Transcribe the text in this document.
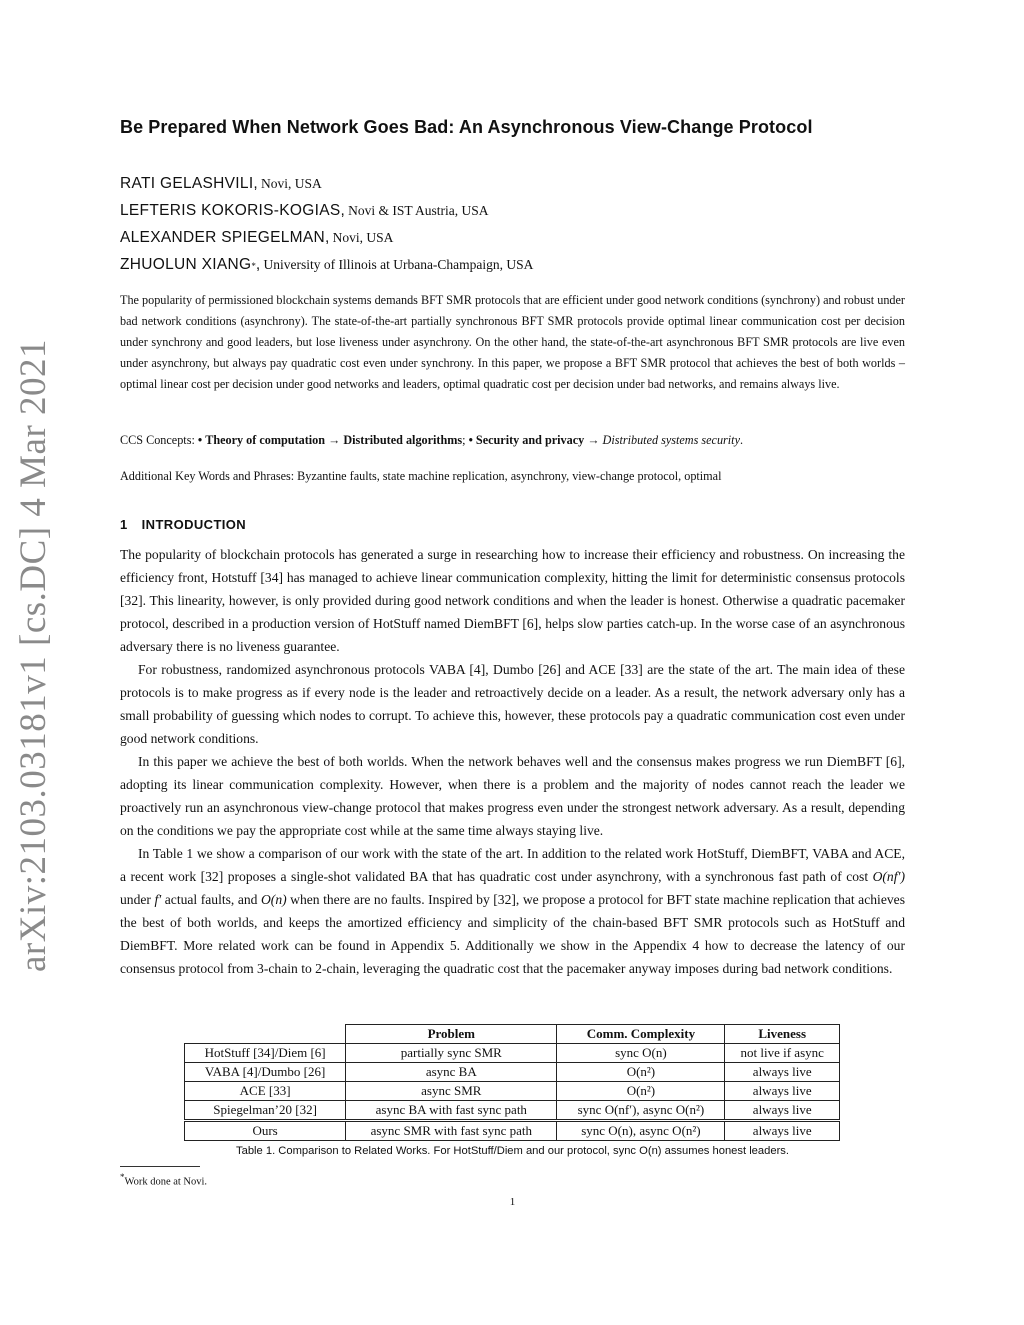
arXiv:2103.03181v1 [cs.DC] 4 Mar 2021
Be Prepared When Network Goes Bad: An Asynchronous View-Change Protocol
RATI GELASHVILI, Novi, USA
LEFTERIS KOKORIS-KOGIAS, Novi & IST Austria, USA
ALEXANDER SPIEGELMAN, Novi, USA
ZHUOLUN XIANG * , University of Illinois at Urbana-Champaign, USA
The popularity of permissioned blockchain systems demands BFT SMR protocols that are efficient under good network conditions (synchrony) and robust under bad network conditions (asynchrony). The state-of-the-art partially synchronous BFT SMR protocols provide optimal linear communication cost per decision under synchrony and good leaders, but lose liveness under asynchrony. On the other hand, the state-of-the-art asynchronous BFT SMR protocols are live even under asynchrony, but always pay quadratic cost even under synchrony. In this paper, we propose a BFT SMR protocol that achieves the best of both worlds – optimal linear cost per decision under good networks and leaders, optimal quadratic cost per decision under bad networks, and remains always live.
CCS Concepts: • Theory of computation → Distributed algorithms; • Security and privacy → Distributed systems security.
Additional Key Words and Phrases: Byzantine faults, state machine replication, asynchrony, view-change protocol, optimal
1 INTRODUCTION

The popularity of blockchain protocols has generated a surge in researching how to increase their efficiency and robustness. On increasing the efficiency front, Hotstuff [34] has managed to achieve linear communication complexity, hitting the limit for deterministic consensus protocols [32]. This linearity, however, is only provided during good network conditions and when the leader is honest. Otherwise a quadratic pacemaker protocol, described in a production version of HotStuff named DiemBFT [6], helps slow parties catch-up. In the worse case of an asynchronous adversary there is no liveness guarantee.

For robustness, randomized asynchronous protocols VABA [4], Dumbo [26] and ACE [33] are the state of the art. The main idea of these protocols is to make progress as if every node is the leader and retroactively decide on a leader. As a result, the network adversary only has a small probability of guessing which nodes to corrupt. To achieve this, however, these protocols pay a quadratic communication cost even under good network conditions.

In this paper we achieve the best of both worlds. When the network behaves well and the consensus makes progress we run DiemBFT [6], adopting its linear communication complexity. However, when there is a problem and the majority of nodes cannot reach the leader we proactively run an asynchronous view-change protocol that makes progress even under the strongest network adversary. As a result, depending on the conditions we pay the appropriate cost while at the same time always staying live.

In Table 1 we show a comparison of our work with the state of the art. In addition to the related work HotStuff, DiemBFT, VABA and ACE, a recent work [32] proposes a single-shot validated BA that has quadratic cost under asynchrony, with a synchronous fast path of cost O(nf′) under f′ actual faults, and O(n) when there are no faults. Inspired by [32], we propose a protocol for BFT state machine replication that achieves the best of both worlds, and keeps the amortized efficiency and simplicity of the chain-based BFT SMR protocols such as HotStuff and DiemBFT. More related work can be found in Appendix 5. Additionally we show in the Appendix 4 how to decrease the latency of our consensus protocol from 3-chain to 2-chain, leveraging the quadratic cost that the pacemaker anyway imposes during bad network conditions.

	Problem	Comm. Complexity	Liveness
HotStuff [34]/Diem [6]	partially sync SMR	sync O(n)	not live if async
VABA [4]/Dumbo [26]	async BA	O(n²)	always live
ACE [33]	async SMR	O(n²)	always live
Spiegelman’20 [32]	async BA with fast sync path	sync O(nf′), async O(n²)	always live
Ours	async SMR with fast sync path	sync O(n), async O(n²)	always live
Table 1. Comparison to Related Works. For HotStuff/Diem and our protocol, sync O(n) assumes honest leaders.
*Work done at Novi.
1
